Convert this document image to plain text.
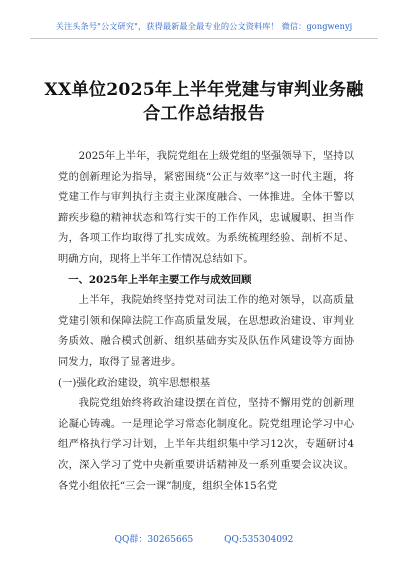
关注头条号"公文研究"，获得最新最全最专业的公文资料库！ 微信：gongwenyj
XX单位2025年上半年党建与审判业务融
合工作总结报告

2025年上半年，我院党组在上级党组的坚强领导下，坚持以党的创新理论为指导，紧密围绕“公正与效率”这一时代主题，将党建工作与审判执行主责主业深度融合、一体推进。全体干警以蹄疾步稳的精神状态和笃行实干的工作作风，忠诚履职、担当作为，各项工作均取得了扎实成效。为系统梳理经验、剖析不足、明确方向，现将上半年工作情况总结如下。

一、2025年上半年主要工作与成效回顾

上半年，我院始终坚持党对司法工作的绝对领导，以高质量党建引领和保障法院工作高质量发展，在思想政治建设、审判业务质效、融合模式创新、组织基础夯实及队伍作风建设等方面协同发力，取得了显著进步。

(一)强化政治建设，筑牢思想根基

我院党组始终将政治建设摆在首位，坚持不懈用党的创新理论凝心铸魂。一是理论学习常态化制度化。院党组理论学习中心组严格执行学习计划，上半年共组织集中学习12次，专题研讨4次，深入学习了党中央新重要讲话精神及一系列重要会议决议。各党小组依托“三会一课”制度，组织全体15名党

QQ群：30265665	QQ:535304092
